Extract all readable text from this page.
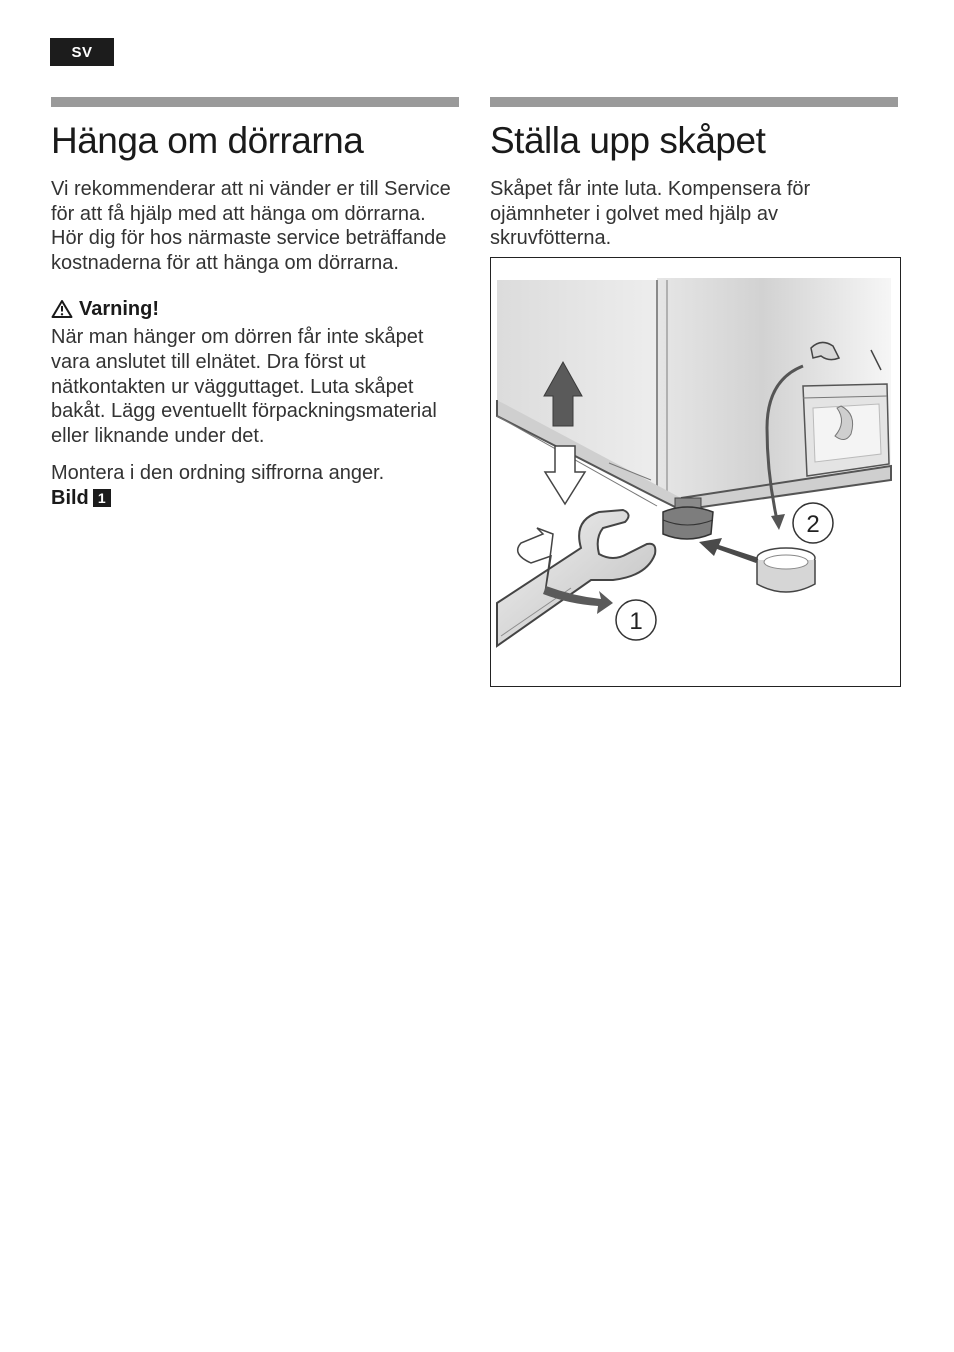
SV
Hänga om dörrarna

Vi rekommenderar att ni vänder er till Service för att få hjälp med att hänga om dörrarna. Hör dig för hos närmaste service beträffande kostnaderna för att hänga om dörrarna.

Varning!

När man hänger om dörren får inte skåpet vara anslutet till elnätet. Dra först ut nätkontakten ur vägguttaget. Luta skåpet bakåt. Lägg eventuellt förpackningsmaterial eller liknande under det.

Montera i den ordning siffrorna anger.
Bild 1

Ställa upp skåpet

Skåpet får inte luta. Kompensera för ojämnheter i golvet med hjälp av skruvfötterna.

1
2
